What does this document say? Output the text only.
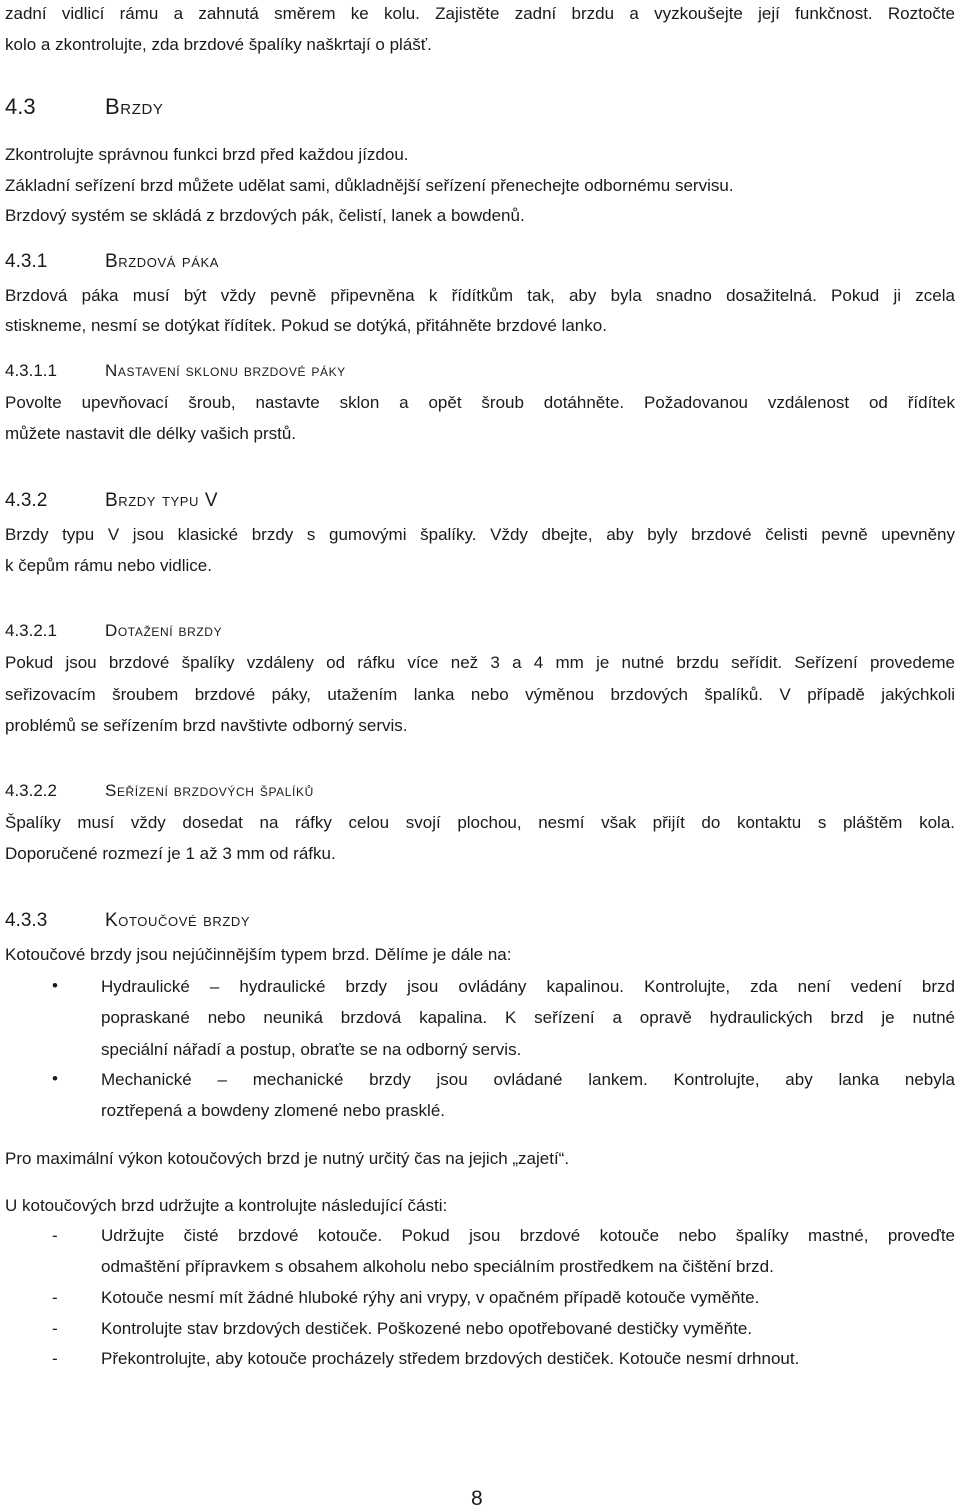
zadní vidlicí rámu a zahnutá směrem ke kolu. Zajistěte zadní brzdu a vyzkoušejte její funkčnost. Roztočte
kolo a zkontrolujte, zda brzdové špalíky naškrtají o plášť.
4.3	Brzdy
Zkontrolujte správnou funkci brzd před každou jízdou.
Základní seřízení brzd můžete udělat sami, důkladnější seřízení přenechejte odbornému servisu.
Brzdový systém se skládá z brzdových pák, čelistí, lanek a bowdenů.
4.3.1	Brzdová páka
Brzdová páka musí být vždy pevně připevněna k řídítkům tak, aby byla snadno dosažitelná. Pokud ji zcela
stiskneme, nesmí se dotýkat řídítek. Pokud se dotýká, přitáhněte brzdové lanko.
4.3.1.1	Nastavení sklonu brzdové páky
Povolte upevňovací šroub, nastavte sklon a opět šroub dotáhněte. Požadovanou vzdálenost od řídítek
můžete nastavit dle délky vašich prstů.
4.3.2	Brzdy typu V
Brzdy typu V jsou klasické brzdy s gumovými špalíky. Vždy dbejte, aby byly brzdové čelisti pevně upevněny
k čepům rámu nebo vidlice.
4.3.2.1	Dotažení brzdy
Pokud jsou brzdové špalíky vzdáleny od ráfku více než 3 a 4 mm je nutné brzdu seřídit. Seřízení provedeme
seřizovacím šroubem brzdové páky, utažením lanka nebo výměnou brzdových špalíků. V případě jakýchkoli
problémů se seřízením brzd navštivte odborný servis.
4.3.2.2	Seřízení brzdových špalíků
Špalíky musí vždy dosedat na ráfky celou svojí plochou, nesmí však přijít do kontaktu s pláštěm kola.
Doporučené rozmezí je 1 až 3 mm od ráfku.
4.3.3	Kotoučové brzdy
Kotoučové brzdy jsou nejúčinnějším typem brzd. Dělíme je dále na:
•	Hydraulické – hydraulické brzdy jsou ovládány kapalinou. Kontrolujte, zda není vedení brzd
popraskané nebo neuniká brzdová kapalina. K seřízení a opravě hydraulických brzd je nutné
speciální nářadí a postup, obraťte se na odborný servis.
•	Mechanické – mechanické brzdy jsou ovládané lankem. Kontrolujte, aby lanka nebyla
roztřepená a bowdeny zlomené nebo prasklé.
Pro maximální výkon kotoučových brzd je nutný určitý čas na jejich „zajetí“.
U kotoučových brzd udržujte a kontrolujte následující části:
-	Udržujte čisté brzdové kotouče. Pokud jsou brzdové kotouče nebo špalíky mastné, proveďte
odmaštění přípravkem s obsahem alkoholu nebo speciálním prostředkem na čištění brzd.
-	Kotouče nesmí mít žádné hluboké rýhy ani vrypy, v opačném případě kotouče vyměňte.
-	Kontrolujte stav brzdových destiček. Poškozené nebo opotřebované destičky vyměňte.
-	Překontrolujte, aby kotouče procházely středem brzdových destiček. Kotouče nesmí drhnout.
8
